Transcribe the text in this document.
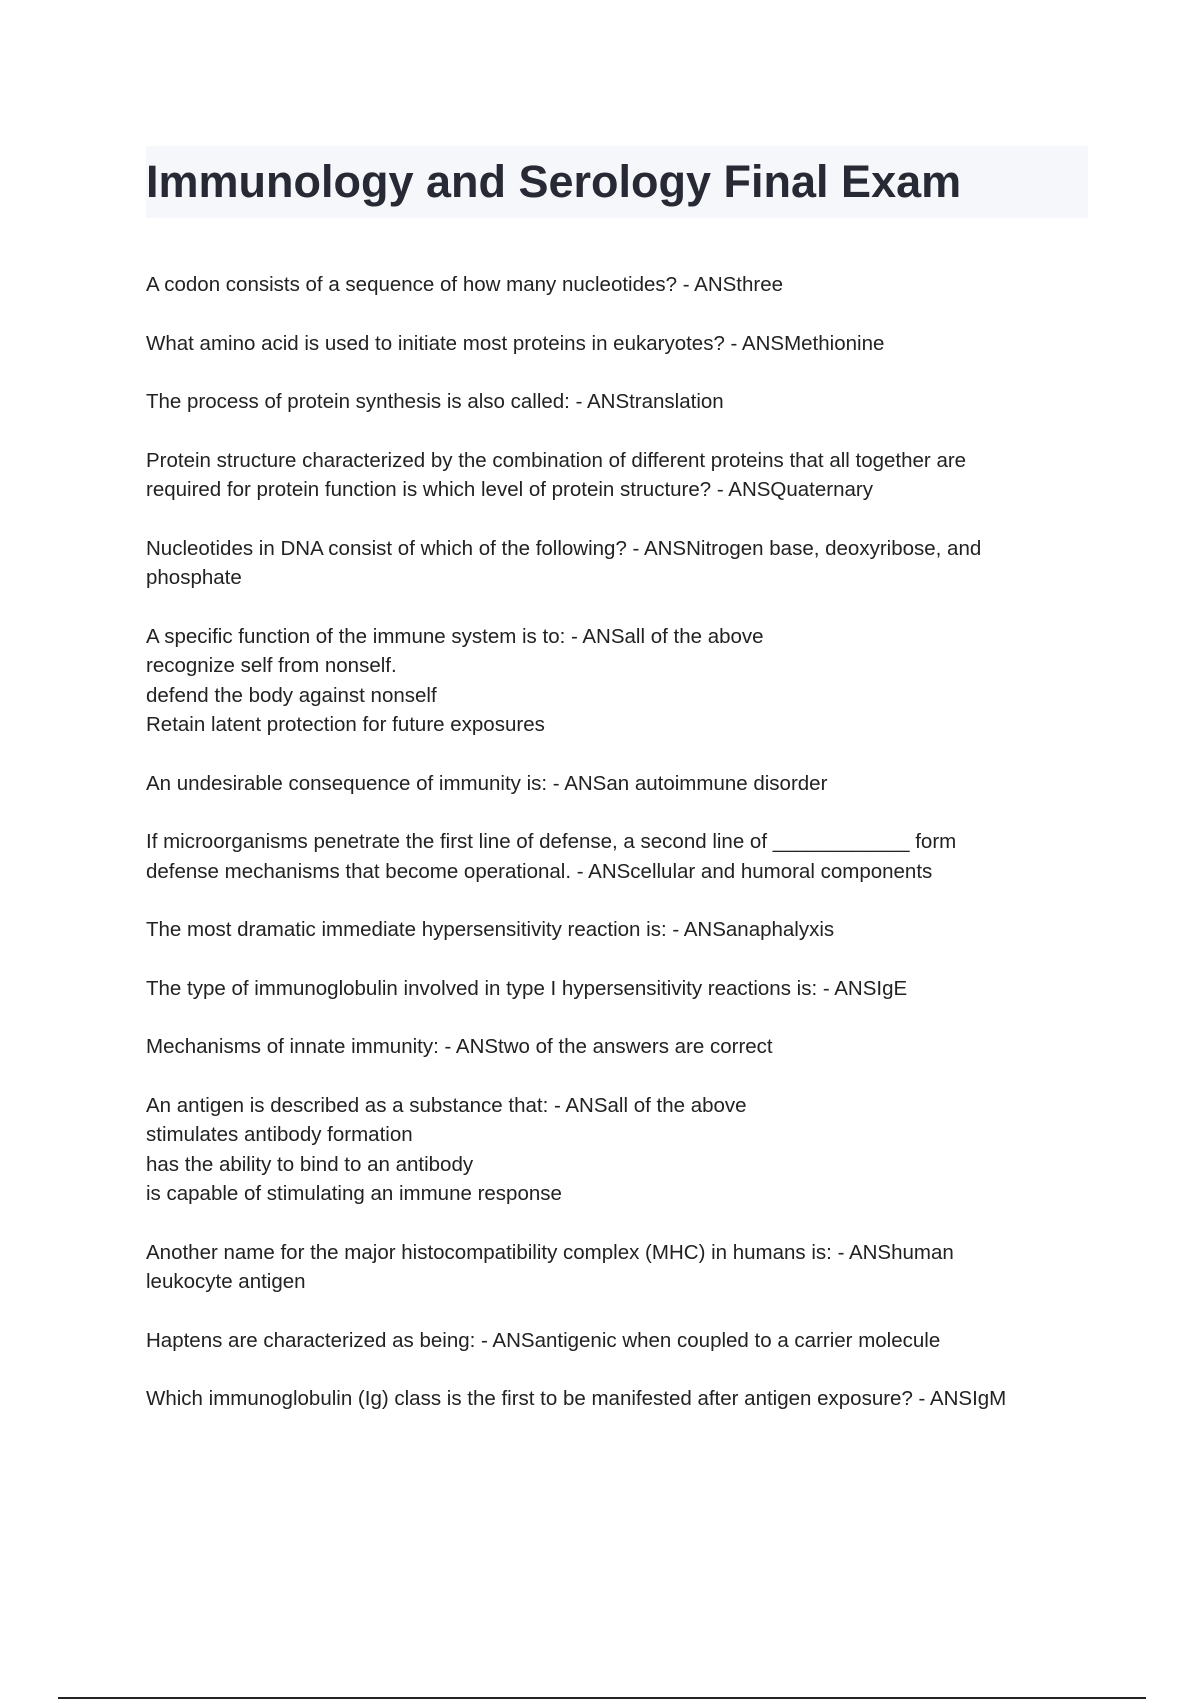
Immunology and Serology Final Exam
A codon consists of a sequence of how many nucleotides? - ANSthree
What amino acid is used to initiate most proteins in eukaryotes? - ANSMethionine
The process of protein synthesis is also called: - ANStranslation
Protein structure characterized by the combination of different proteins that all together are
required for protein function is which level of protein structure? - ANSQuaternary
Nucleotides in DNA consist of which of the following? - ANSNitrogen base, deoxyribose, and
phosphate
A specific function of the immune system is to: - ANSall of the above
recognize self from nonself.
defend the body against nonself
Retain latent protection for future exposures
An undesirable consequence of immunity is: - ANSan autoimmune disorder
If microorganisms penetrate the first line of defense, a second line of ____________ form
defense mechanisms that become operational. - ANScellular and humoral components
The most dramatic immediate hypersensitivity reaction is: - ANSanaphalyxis
The type of immunoglobulin involved in type I hypersensitivity reactions is: - ANSIgE
Mechanisms of innate immunity: - ANStwo of the answers are correct
An antigen is described as a substance that: - ANSall of the above
stimulates antibody formation
has the ability to bind to an antibody
is capable of stimulating an immune response
Another name for the major histocompatibility complex (MHC) in humans is: - ANShuman
leukocyte antigen
Haptens are characterized as being: - ANSantigenic when coupled to a carrier molecule
Which immunoglobulin (Ig) class is the first to be manifested after antigen exposure? - ANSIgM
